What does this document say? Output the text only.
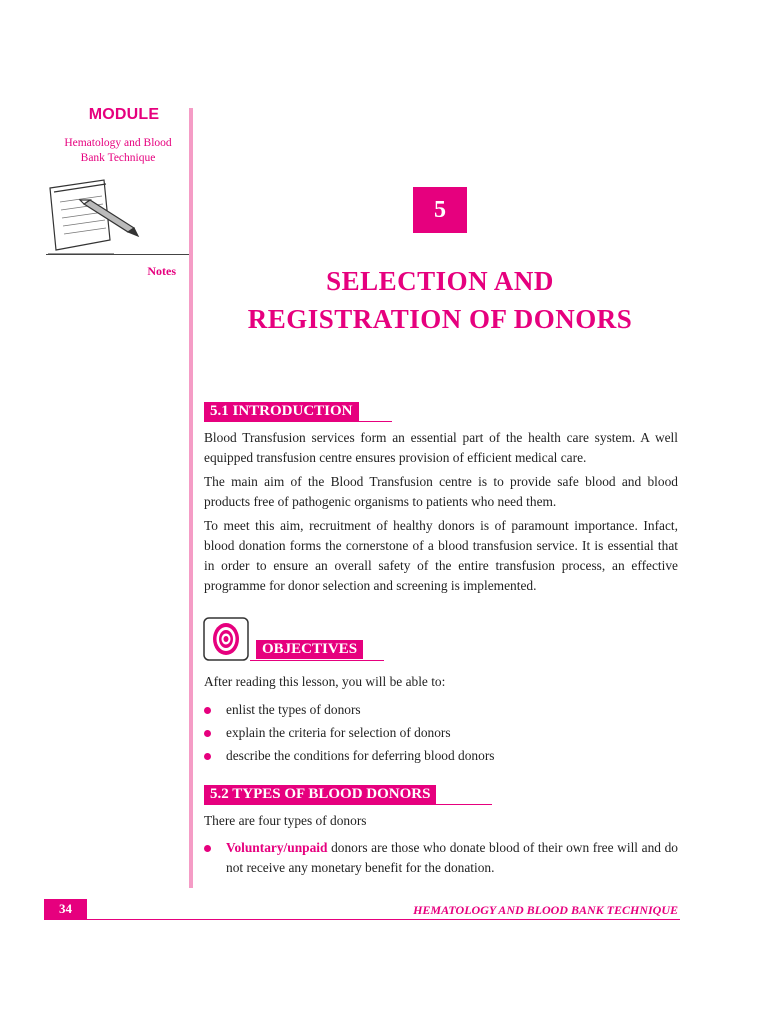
MODULE
Hematology and Blood
Bank Technique
Notes
5
SELECTION AND
REGISTRATION OF DONORS
5.1 INTRODUCTION
Blood Transfusion services form an essential part of the health care system. A well equipped transfusion centre ensures provision of efficient medical care.
The main aim of the Blood Transfusion centre is to provide safe blood and blood products free of pathogenic organisms to patients who need them.
To meet this aim, recruitment of healthy donors is of paramount importance. Infact, blood donation forms the cornerstone of a blood transfusion service. It is essential that in order to ensure an overall safety of the entire transfusion process, an effective programme for donor selection and screening is implemented.
OBJECTIVES
After reading this lesson, you will be able to:
enlist the types of donors
explain the criteria for selection of donors
describe the conditions for deferring blood donors
5.2 TYPES OF BLOOD DONORS
There are four types of donors
Voluntary/unpaid donors are those who donate blood of their own free will and do not receive any monetary benefit for the donation.
34	HEMATOLOGY AND BLOOD BANK TECHNIQUE
